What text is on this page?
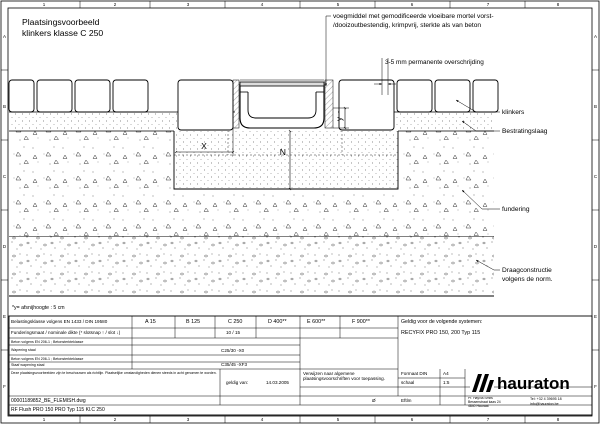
1	2	3	4	5	6	7	8
1	2	3	4	5	6	7	8
A
B
C
D
E
F
A
B
C
D
E
F
Plaatsingsvoorbeeld
klinkers klasse C 250
X
N
y
3-5 mm permanente overschrijding
voegmiddel met gemodificeerde vloeibare mortel vorst-
/dooizoutbestendig, krimpvrij, sterkte als van beton
klinkers
Bestratingslaag
fundering
Draagconstructie
volgens de norm.
*y= afsnijhoogte : 5 cm
hauraton
Belastingsklasse volgens EN 1433 / DIN 19580	A 15	B 125	C 250	D 400**	E 600**	F 900**	Geldig voor de volgende systemen:
RECYFIX PRO 150, 200 Typ 115
Funderingsmaat / nominale dikte (* slotsnap ↑ / slot ↓)	10 / 15
Beton volgens EN 206-1 ; Betonsterkteklasse
Wapening staal	C25/30 -X0
Beton volgens EN 206-1 ; Betonsterkteklasse
Staaf wapening staal	C35/45 -XF3
Deze plaatsingsvoorbeelden zijn te beschouwen als richtlijn. Plaatselijke omstandigheden dienen steeds in acht genomen te worden.
geldig van:	14.03.2005
Verwijzen naar algemene plaatsingsvoorschriften voor toepassing.
Formaat DIN	A4
schaal	1:5
Eftlm
Ø
00001189852_BE_FLEMISH.dwg
RF Flush PRO 150 PRO Typ 115 Kl.C 250
Pr. Hayvla Smits
Bessenstraat kaas 24
4840 Hauraat
Tel: +32 4 39695 18
info@hauraton.be
